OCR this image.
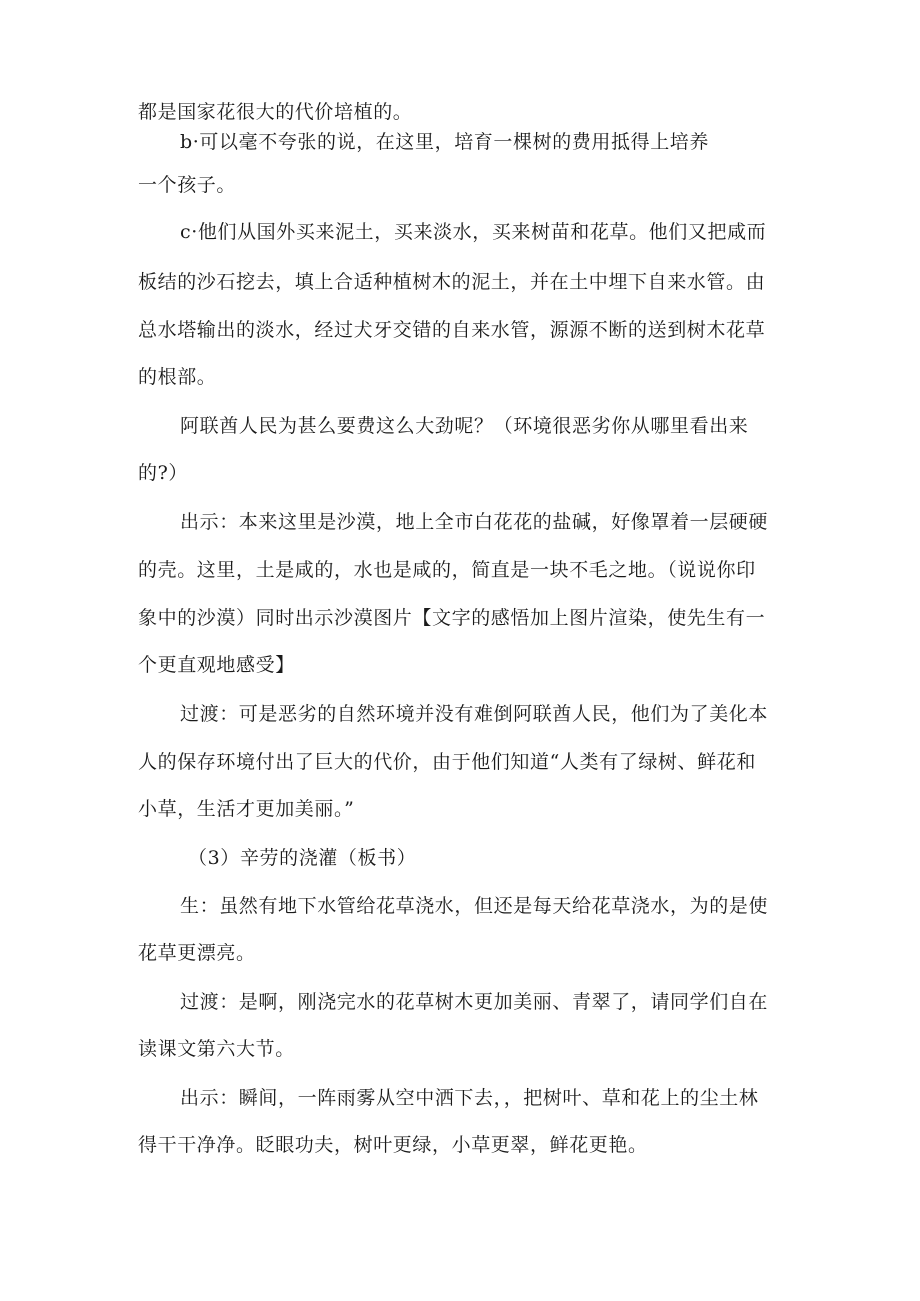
都是国家花很大的代价培植的。
b·可以毫不夸张的说，在这里，培育一棵树的费用抵得上培养
一个孩子。
c·他们从国外买来泥土，买来淡水，买来树苗和花草。他们又把咸而
板结的沙石挖去，填上合适种植树木的泥土，并在土中埋下自来水管。由
总水塔输出的淡水，经过犬牙交错的自来水管，源源不断的送到树木花草
的根部。
阿联酋人民为甚么要费这么大劲呢？（环境很恶劣你从哪里看出来
的?）
出示：本来这里是沙漠，地上全市白花花的盐碱，好像罩着一层硬硬
的壳。这里，土是咸的，水也是咸的，简直是一块不毛之地。（说说你印
象中的沙漠）同时出示沙漠图片【文字的感悟加上图片渲染，使先生有一
个更直观地感受】
过渡：可是恶劣的自然环境并没有难倒阿联酋人民，他们为了美化本
人的保存环境付出了巨大的代价，由于他们知道“人类有了绿树、鲜花和
小草，生活才更加美丽。”
（3）辛劳的浇灌（板书）
生：虽然有地下水管给花草浇水，但还是每天给花草浇水，为的是使
花草更漂亮。
过渡：是啊，刚浇完水的花草树木更加美丽、青翠了，请同学们自在
读课文第六大节。
出示：瞬间，一阵雨雾从空中洒下去，，把树叶、草和花上的尘土林
得干干净净。眨眼功夫，树叶更绿，小草更翠，鲜花更艳。
